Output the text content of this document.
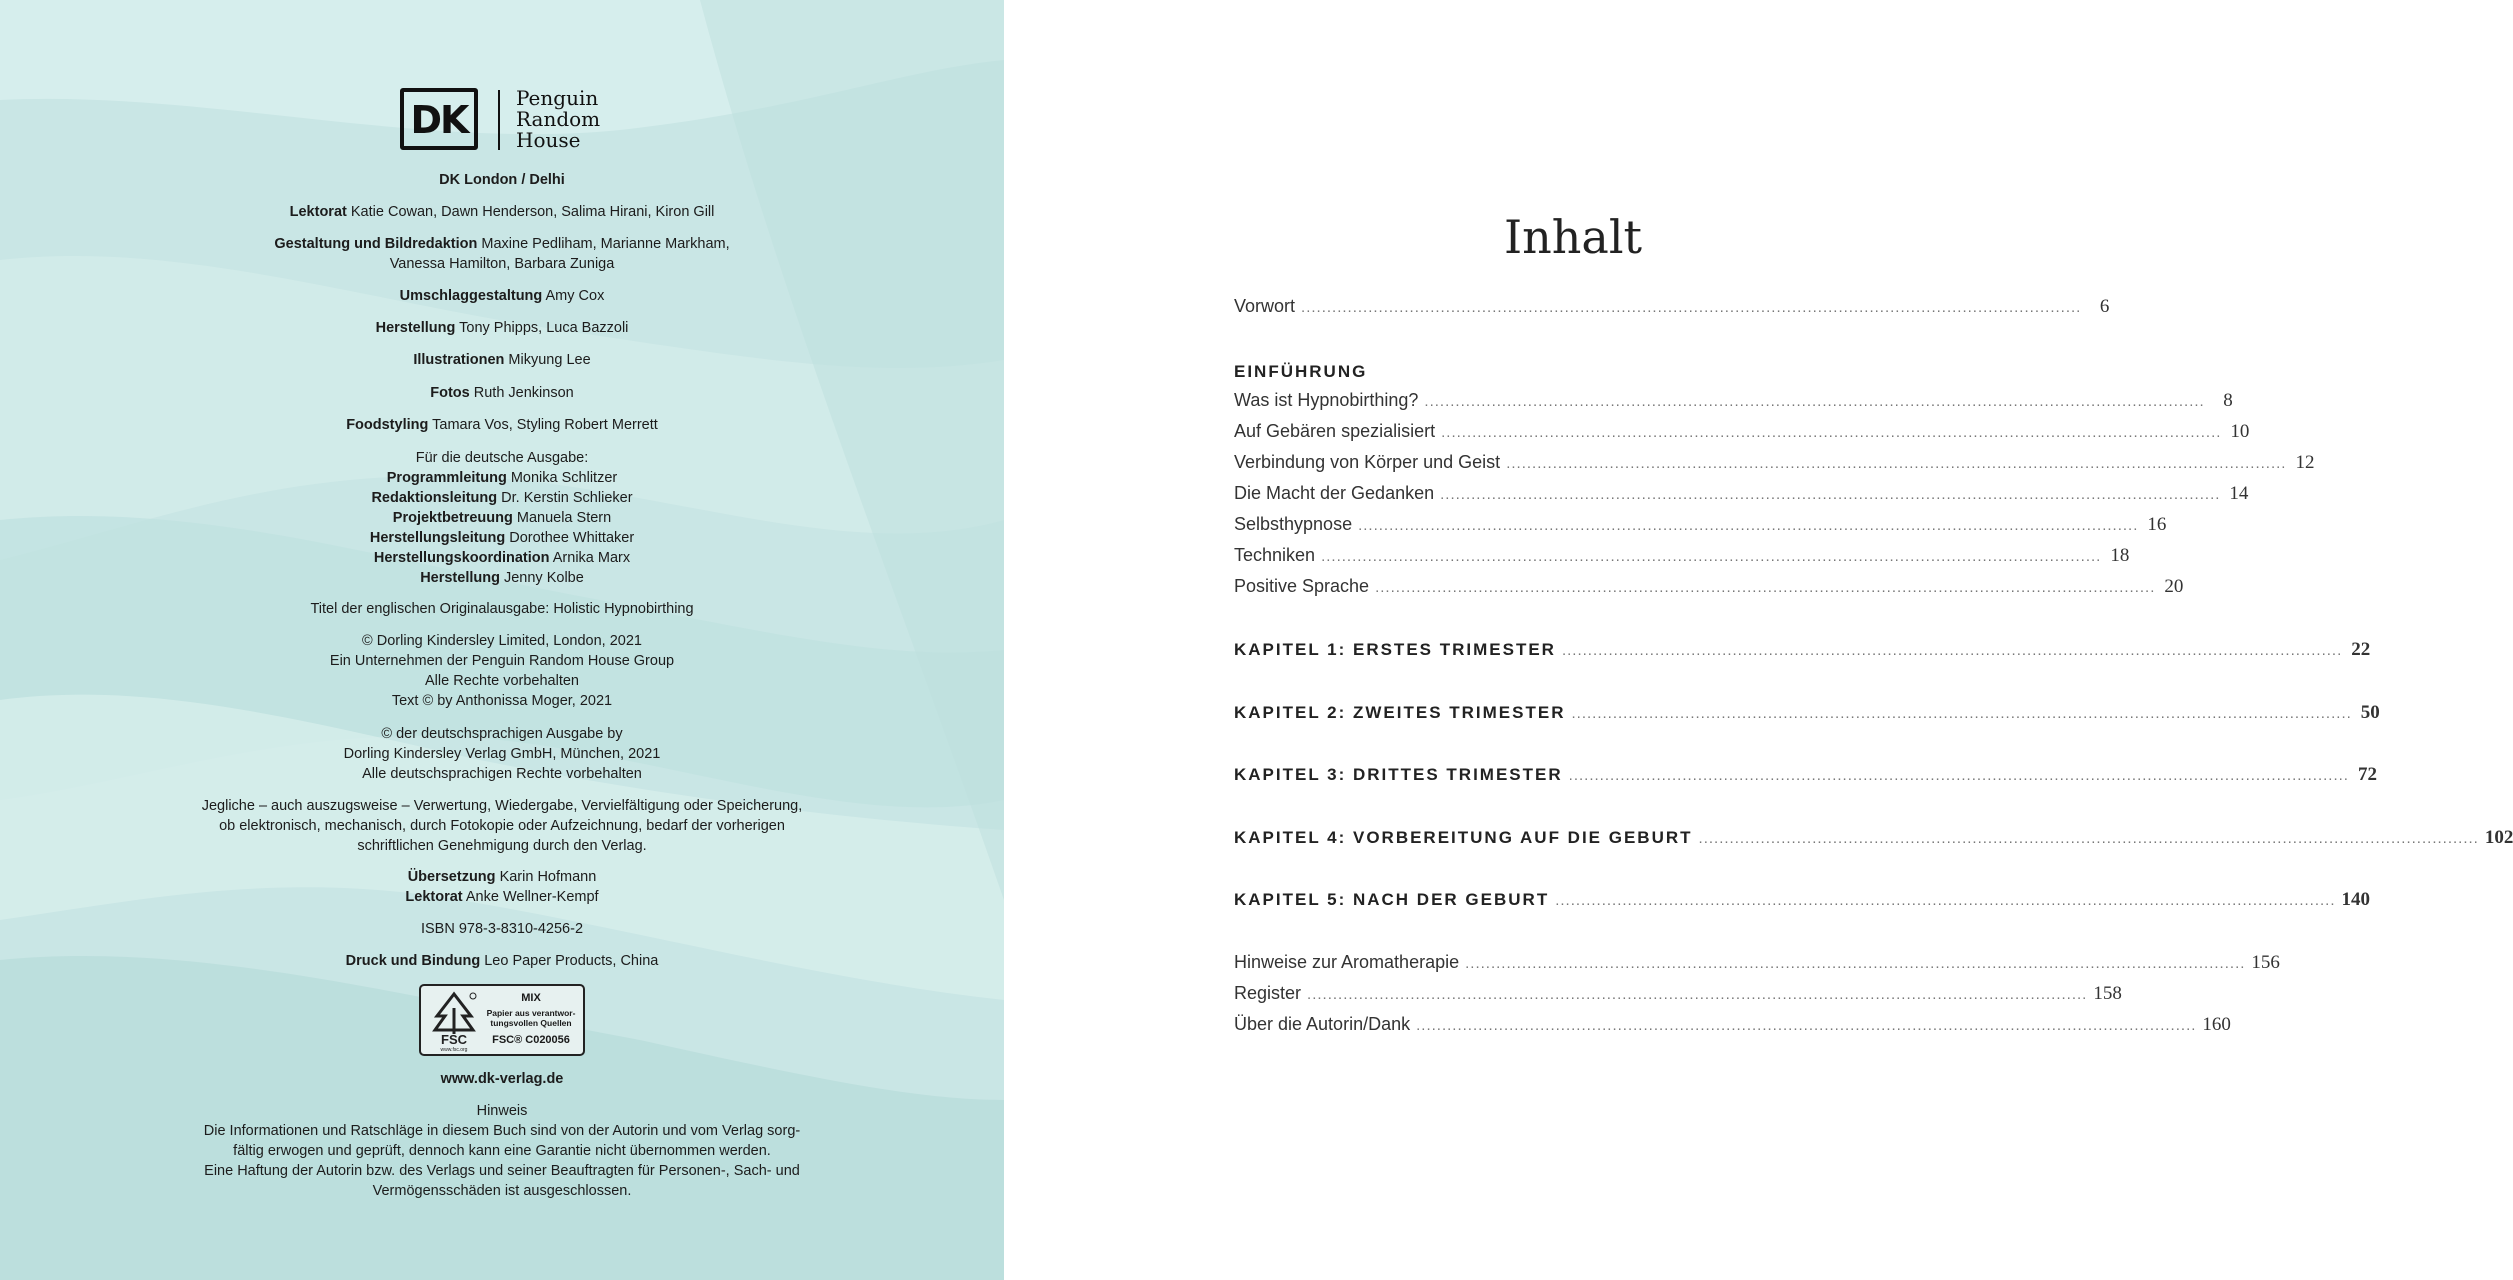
DK	Penguin
Random
House
DK London / Delhi
Lektorat Katie Cowan, Dawn Henderson, Salima Hirani, Kiron Gill
Gestaltung und Bildredaktion Maxine Pedliham, Marianne Markham,
Vanessa Hamilton, Barbara Zuniga
Umschlaggestaltung Amy Cox
Herstellung Tony Phipps, Luca Bazzoli
Illustrationen Mikyung Lee
Fotos Ruth Jenkinson
Foodstyling Tamara Vos, Styling Robert Merrett
Für die deutsche Ausgabe:
Programmleitung Monika Schlitzer
Redaktionsleitung Dr. Kerstin Schlieker
Projektbetreuung Manuela Stern
Herstellungsleitung Dorothee Whittaker
Herstellungskoordination Arnika Marx
Herstellung Jenny Kolbe
Titel der englischen Originalausgabe: Holistic Hypnobirthing
© Dorling Kindersley Limited, London, 2021
Ein Unternehmen der Penguin Random House Group
Alle Rechte vorbehalten
Text © by Anthonissa Moger, 2021
© der deutschsprachigen Ausgabe by
Dorling Kindersley Verlag GmbH, München, 2021
Alle deutschsprachigen Rechte vorbehalten
Jegliche – auch auszugsweise – Verwertung, Wiedergabe, Vervielfältigung oder Speicherung,
ob elektronisch, mechanisch, durch Fotokopie oder Aufzeichnung, bedarf der vorherigen
schriftlichen Genehmigung durch den Verlag.
Übersetzung Karin Hofmann
Lektorat Anke Wellner-Kempf
ISBN 978-3-8310-4256-2
Druck und Bindung Leo Paper Products, China
FSC
www.fsc.org
MIX
Papier aus verantwor-
tungsvollen Quellen
FSC® C020056
www.dk-verlag.de
Hinweis
Die Informationen und Ratschläge in diesem Buch sind von der Autorin und vom Verlag sorg-
fältig erwogen und geprüft, dennoch kann eine Garantie nicht übernommen werden.
Eine Haftung der Autorin bzw. des Verlags und seiner Beauftragten für Personen-, Sach- und
Vermögensschäden ist ausgeschlossen.
Inhalt
Vorwort ....................................................................................................................................................... 6
EINFÜHRUNG
Was ist Hypnobirthing? ....................................................................................................................................................... 8
Auf Gebären spezialisiert ....................................................................................................................................................... 10
Verbindung von Körper und Geist ....................................................................................................................................................... 12
Die Macht der Gedanken ....................................................................................................................................................... 14
Selbsthypnose ....................................................................................................................................................... 16
Techniken ....................................................................................................................................................... 18
Positive Sprache ....................................................................................................................................................... 20
KAPITEL 1: ERSTES TRIMESTER ....................................................................................................................................................... 22
KAPITEL 2: ZWEITES TRIMESTER ....................................................................................................................................................... 50
KAPITEL 3: DRITTES TRIMESTER ....................................................................................................................................................... 72
KAPITEL 4: VORBEREITUNG AUF DIE GEBURT ....................................................................................................................................................... 102
KAPITEL 5: NACH DER GEBURT ....................................................................................................................................................... 140
Hinweise zur Aromatherapie ....................................................................................................................................................... 156
Register ....................................................................................................................................................... 158
Über die Autorin/Dank ....................................................................................................................................................... 160
